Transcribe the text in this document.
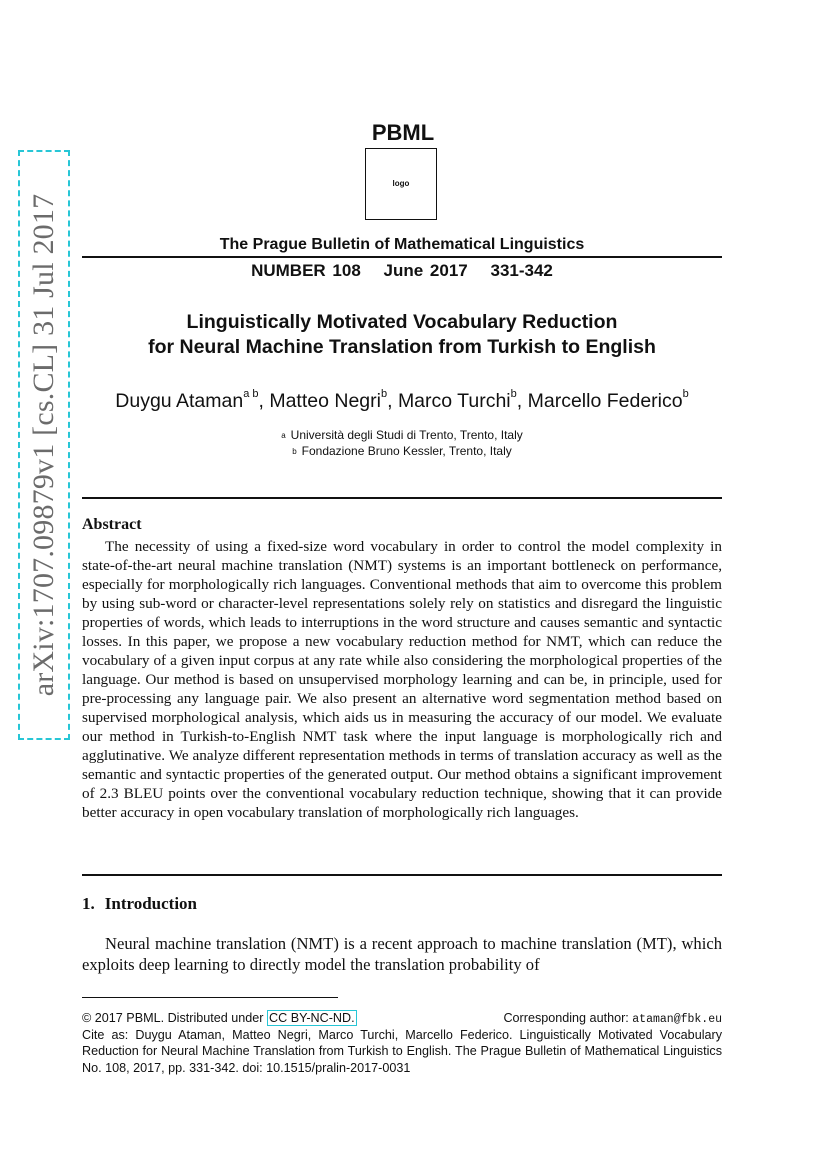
arXiv:1707.09879v1 [cs.CL] 31 Jul 2017
PBML
logo
The Prague Bulletin of Mathematical Linguistics
NUMBER 108 June 2017 331-342
Linguistically Motivated Vocabulary Reduction
for Neural Machine Translation from Turkish to English
Duygu Ataman$^{a b}$, Matteo Negri$^b$, Marco Turchi$^b$, Marcello Federico$^b$
$^a$ Università degli Studi di Trento, Trento, Italy
$^b$ Fondazione Bruno Kessler, Trento, Italy
Abstract
The necessity of using a fixed-size word vocabulary in order to control the model complexity in state-of-the-art neural machine translation (NMT) systems is an important bottleneck on performance, especially for morphologically rich languages. Conventional methods that aim to overcome this problem by using sub-word or character-level representations solely rely on statistics and disregard the linguistic properties of words, which leads to interruptions in the word structure and causes semantic and syntactic losses. In this paper, we propose a new vocabulary reduction method for NMT, which can reduce the vocabulary of a given input corpus at any rate while also considering the morphological properties of the language. Our method is based on unsupervised morphology learning and can be, in principle, used for pre-processing any language pair. We also present an alternative word segmentation method based on supervised morphological analysis, which aids us in measuring the accuracy of our model. We evaluate our method in Turkish-to-English NMT task where the input language is morphologically rich and agglutinative. We analyze different representation methods in terms of translation accuracy as well as the semantic and syntactic properties of the generated output. Our method obtains a significant improvement of 2.3 BLEU points over the conventional vocabulary reduction technique, showing that it can provide better accuracy in open vocabulary translation of morphologically rich languages.
1. Introduction
Neural machine translation (NMT) is a recent approach to machine translation (MT), which exploits deep learning to directly model the translation probability of
© 2017 PBML. Distributed under CC BY-NC-ND.	Corresponding author: ataman@fbk.eu
Cite as: Duygu Ataman, Matteo Negri, Marco Turchi, Marcello Federico. Linguistically Motivated Vocabulary Reduction for Neural Machine Translation from Turkish to English. The Prague Bulletin of Mathematical Linguistics No. 108, 2017, pp. 331-342. doi: 10.1515/pralin-2017-0031
